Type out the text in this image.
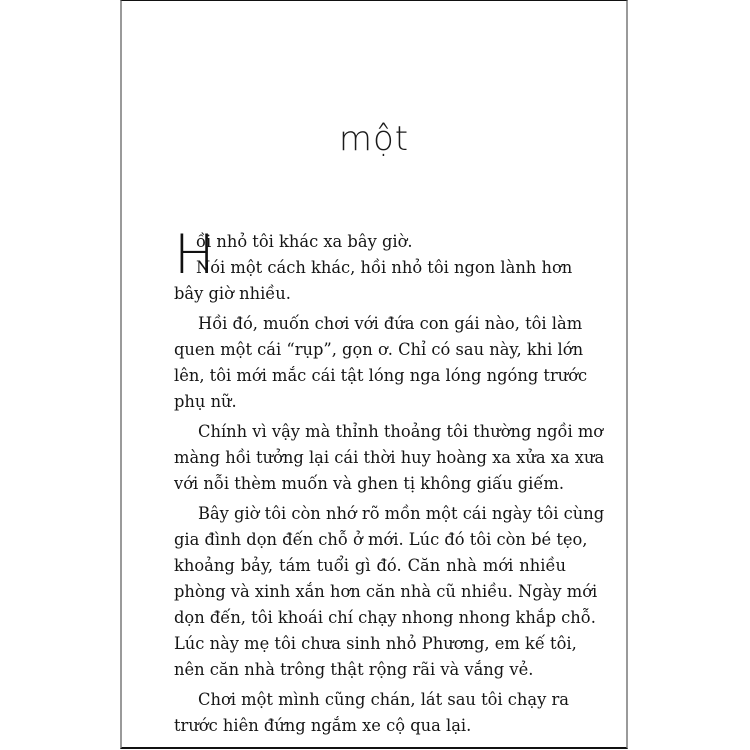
một
H
ồi nhỏ tôi khác xa bây giờ.
Nói một cách khác, hồi nhỏ tôi ngon lành hơn
bây giờ nhiều.
Hồi đó, muốn chơi với đứa con gái nào, tôi làm
quen một cái “rụp”, gọn ơ. Chỉ có sau này, khi lớn
lên, tôi mới mắc cái tật lóng nga lóng ngóng trước
phụ nữ.
Chính vì vậy mà thỉnh thoảng tôi thường ngồi mơ
màng hồi tưởng lại cái thời huy hoàng xa xửa xa xưa
với nỗi thèm muốn và ghen tị không giấu giếm.
Bây giờ tôi còn nhớ rõ mồn một cái ngày tôi cùng
gia đình dọn đến chỗ ở mới. Lúc đó tôi còn bé tẹo,
khoảng bảy, tám tuổi gì đó. Căn nhà mới nhiều
phòng và xinh xắn hơn căn nhà cũ nhiều. Ngày mới
dọn đến, tôi khoái chí chạy nhong nhong khắp chỗ.
Lúc này mẹ tôi chưa sinh nhỏ Phương, em kế tôi,
nên căn nhà trông thật rộng rãi và vắng vẻ.
Chơi một mình cũng chán, lát sau tôi chạy ra
trước hiên đứng ngắm xe cộ qua lại.
